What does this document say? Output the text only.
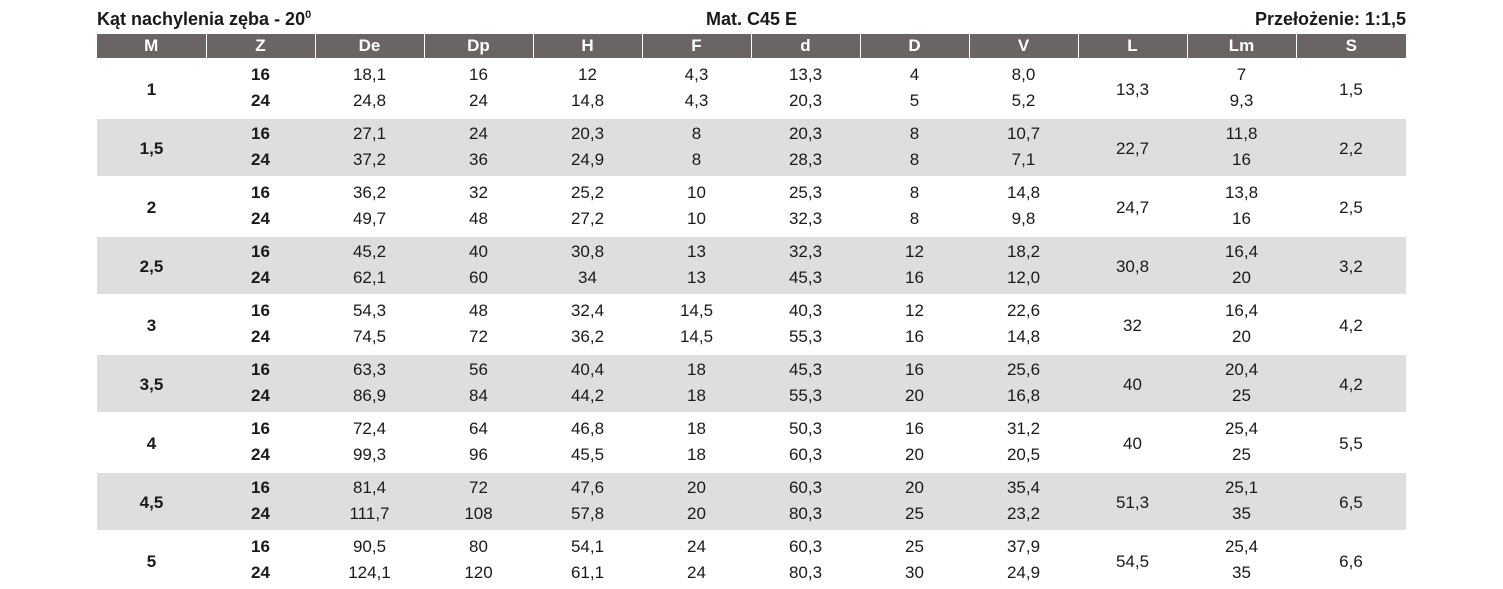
Mat. C45 E
Kąt nachylenia zęba - $20^0$	Przełożenie: 1:1,5
M	Z	De	Dp	H	F	d	D	V	L	Lm	S
1	16	18,1	16	12	4,3	13,3	4	8,0	13,3	7	1,5
	24	24,8	24	14,8	4,3	20,3	5	5,2		9,3	
1,5	16	27,1	24	20,3	8	20,3	8	10,7	22,7	11,8	2,2
	24	37,2	36	24,9	8	28,3	8	7,1		16	
2	16	36,2	32	25,2	10	25,3	8	14,8	24,7	13,8	2,5
	24	49,7	48	27,2	10	32,3	8	9,8		16	
2,5	16	45,2	40	30,8	13	32,3	12	18,2	30,8	16,4	3,2
	24	62,1	60	34	13	45,3	16	12,0		20	
3	16	54,3	48	32,4	14,5	40,3	12	22,6	32	16,4	4,2
	24	74,5	72	36,2	14,5	55,3	16	14,8		20	
3,5	16	63,3	56	40,4	18	45,3	16	25,6	40	20,4	4,2
	24	86,9	84	44,2	18	55,3	20	16,8		25	
4	16	72,4	64	46,8	18	50,3	16	31,2	40	25,4	5,5
	24	99,3	96	45,5	18	60,3	20	20,5		25	
4,5	16	81,4	72	47,6	20	60,3	20	35,4	51,3	25,1	6,5
	24	111,7	108	57,8	20	80,3	25	23,2		35	
5	16	90,5	80	54,1	24	60,3	25	37,9	54,5	25,4	6,6
	24	124,1	120	61,1	24	80,3	30	24,9		35	
